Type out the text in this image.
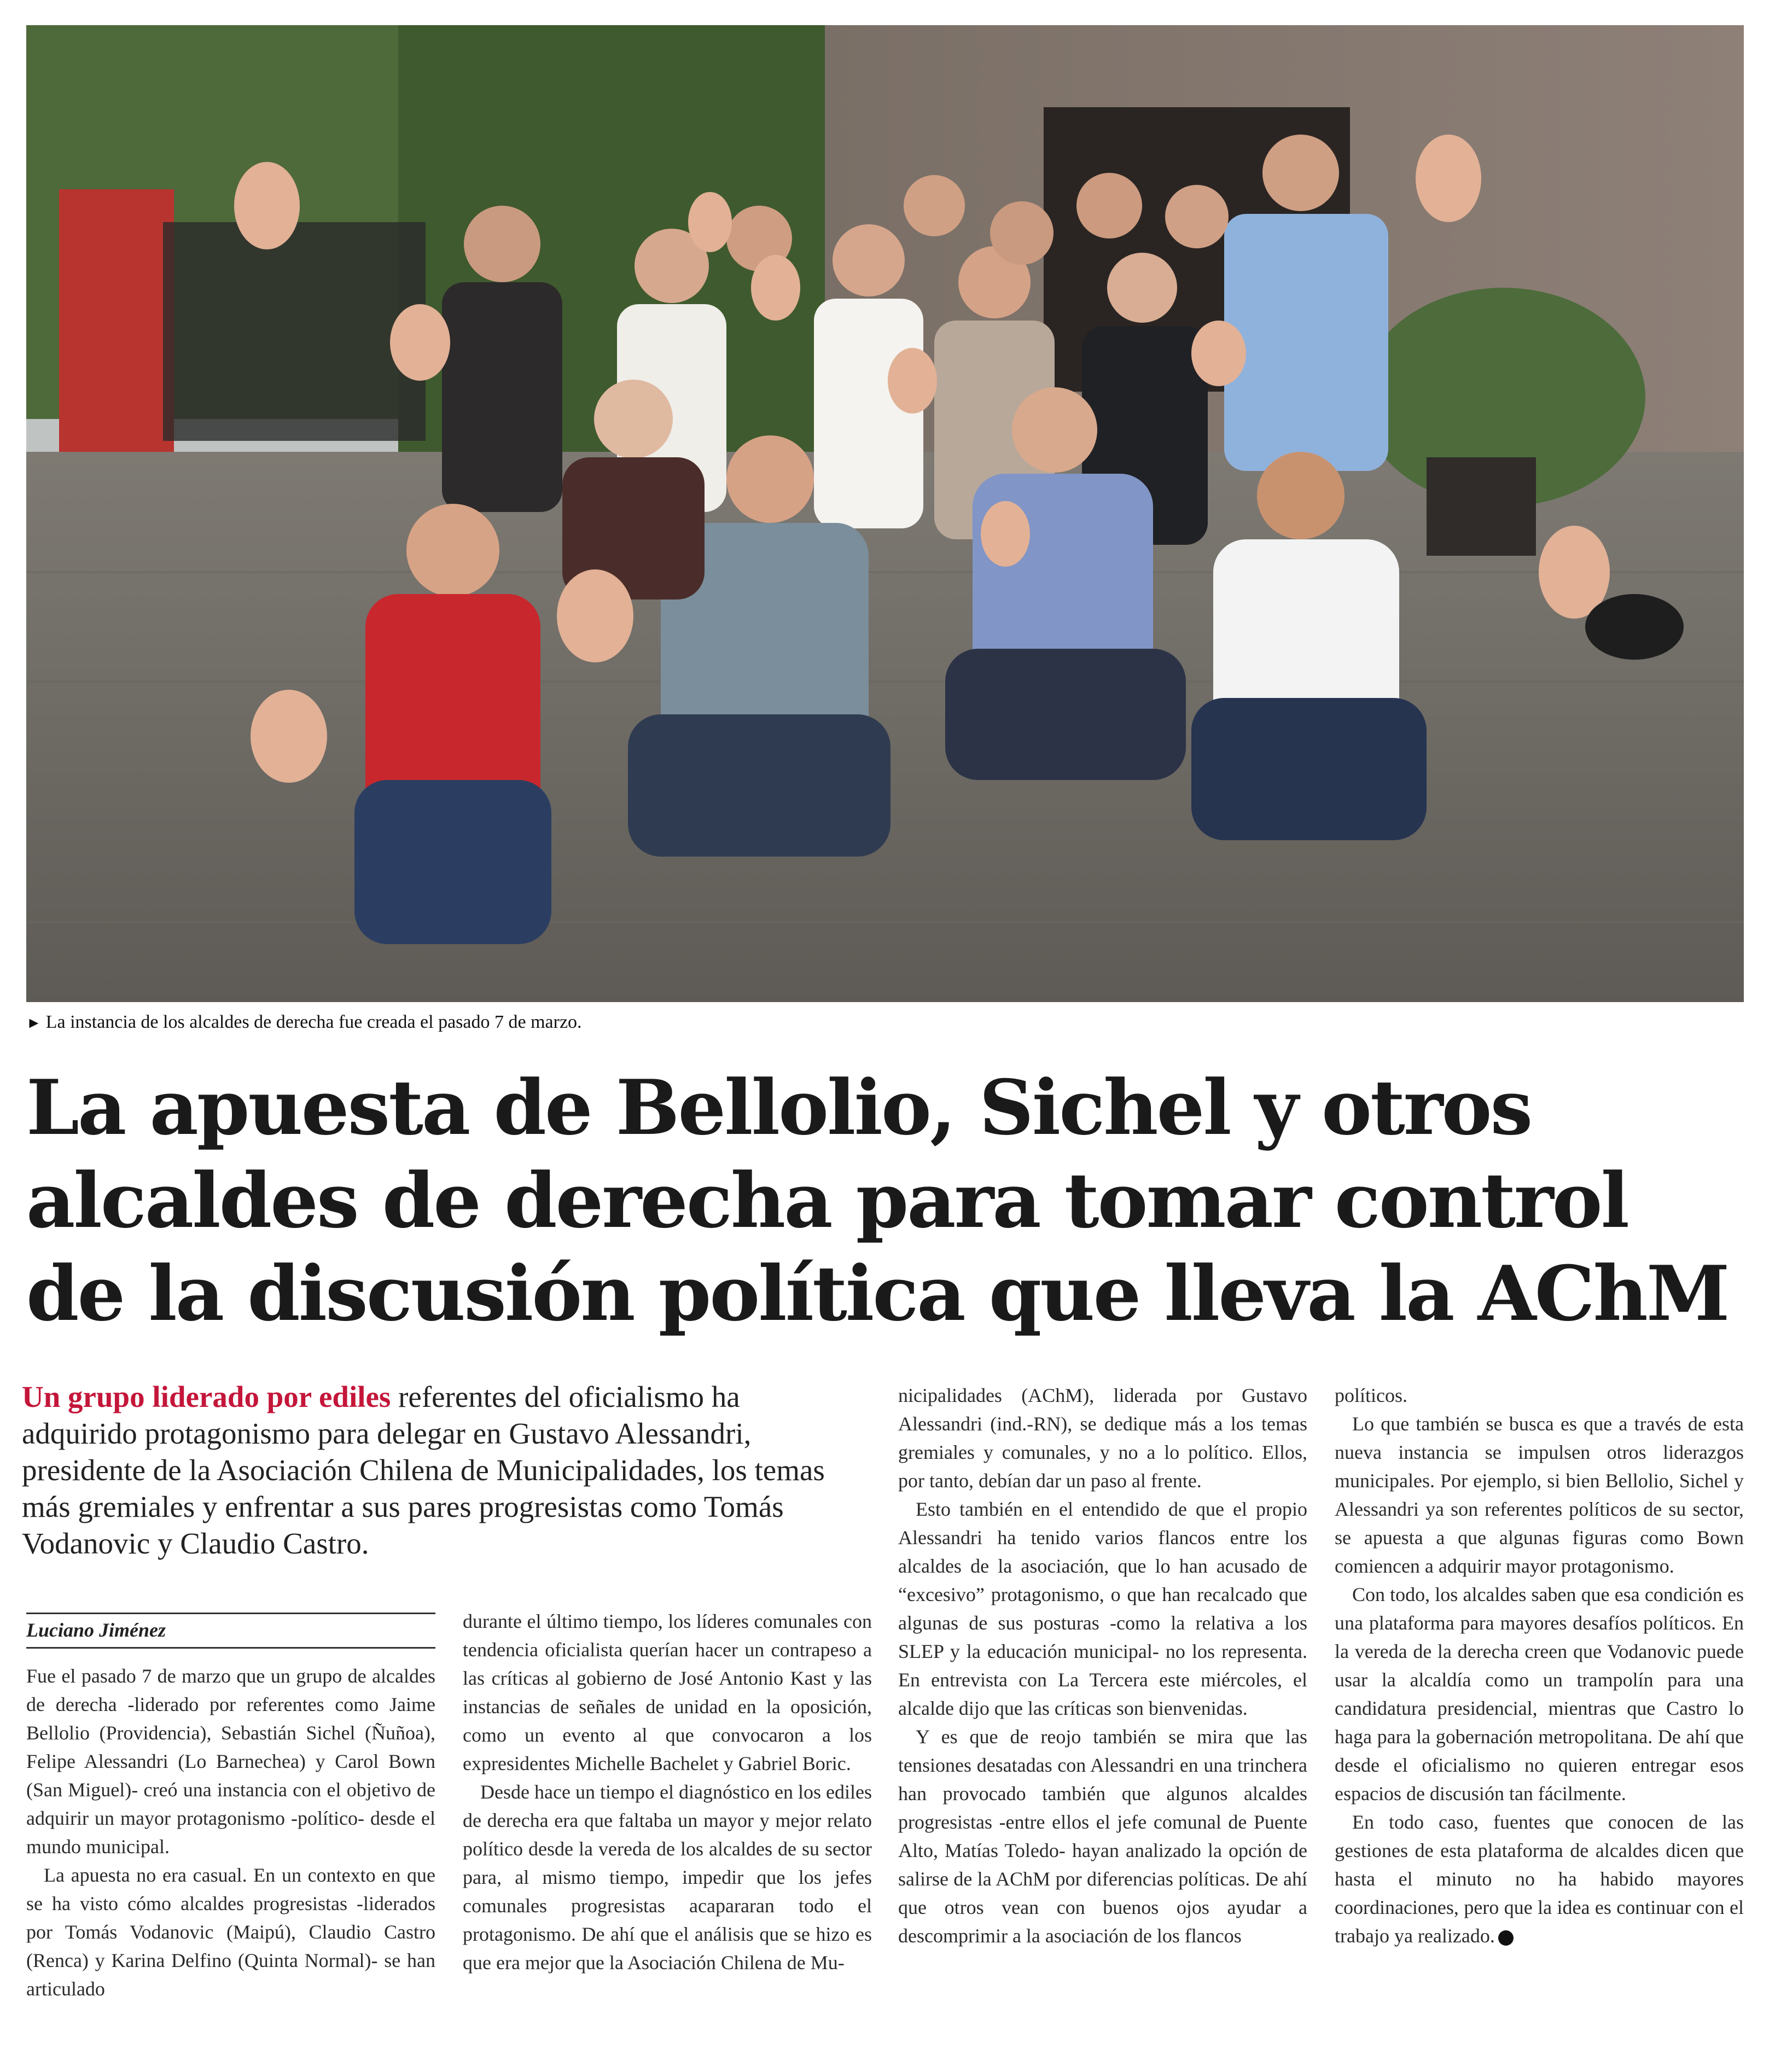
► La instancia de los alcaldes de derecha fue creada el pasado 7 de marzo.
La apuesta de Bellolio, Sichel y otros
alcaldes de derecha para tomar control
de la discusión política que lleva la AChM
Un grupo liderado por ediles referentes del oficialismo ha adquirido protagonismo para delegar en Gustavo Alessandri, presidente de la Asociación Chilena de Municipalidades, los temas más gremiales y enfrentar a sus pares progresistas como Tomás Vodanovic y Claudio Castro.
Luciano Jiménez

Fue el pasado 7 de marzo que un grupo de alcaldes de derecha -liderado por referentes como Jaime Bellolio (Providencia), Sebastián Sichel (Ñuñoa), Felipe Alessandri (Lo Barnechea) y Carol Bown (San Miguel)- creó una instancia con el objetivo de adquirir un mayor protagonismo -político- desde el mundo municipal.

La apuesta no era casual. En un contexto en que se ha visto cómo alcaldes progresistas -liderados por Tomás Vodanovic (Maipú), Claudio Castro (Renca) y Karina Delfino (Quinta Normal)- se han articulado

durante el último tiempo, los líderes comunales con tendencia oficialista querían hacer un contrapeso a las críticas al gobierno de José Antonio Kast y las instancias de señales de unidad en la oposición, como un evento al que convocaron a los expresidentes Michelle Bachelet y Gabriel Boric.

Desde hace un tiempo el diagnóstico en los ediles de derecha era que faltaba un mayor y mejor relato político desde la vereda de los alcaldes de su sector para, al mismo tiempo, impedir que los jefes comunales progresistas acapararan todo el protagonismo. De ahí que el análisis que se hizo es que era mejor que la Asociación Chilena de Mu-

nicipalidades (AChM), liderada por Gustavo Alessandri (ind.-RN), se dedique más a los temas gremiales y comunales, y no a lo político. Ellos, por tanto, debían dar un paso al frente.

Esto también en el entendido de que el propio Alessandri ha tenido varios flancos entre los alcaldes de la asociación, que lo han acusado de “excesivo” protagonismo, o que han recalcado que algunas de sus posturas -como la relativa a los SLEP y la educación municipal- no los representa. En entrevista con La Tercera este miércoles, el alcalde dijo que las críticas son bienvenidas.

Y es que de reojo también se mira que las tensiones desatadas con Alessandri en una trinchera han provocado también que algunos alcaldes progresistas -entre ellos el jefe comunal de Puente Alto, Matías Toledo- hayan analizado la opción de salirse de la AChM por diferencias políticas. De ahí que otros vean con buenos ojos ayudar a descomprimir a la asociación de los flancos

políticos.

Lo que también se busca es que a través de esta nueva instancia se impulsen otros liderazgos municipales. Por ejemplo, si bien Bellolio, Sichel y Alessandri ya son referentes políticos de su sector, se apuesta a que algunas figuras como Bown comiencen a adquirir mayor protagonismo.

Con todo, los alcaldes saben que esa condición es una plataforma para mayores desafíos políticos. En la vereda de la derecha creen que Vodanovic puede usar la alcaldía como un trampolín para una candidatura presidencial, mientras que Castro lo haga para la gobernación metropolitana. De ahí que desde el oficialismo no quieren entregar esos espacios de discusión tan fácilmente.

En todo caso, fuentes que conocen de las gestiones de esta plataforma de alcaldes dicen que hasta el minuto no ha habido mayores coordinaciones, pero que la idea es continuar con el trabajo ya realizado.
